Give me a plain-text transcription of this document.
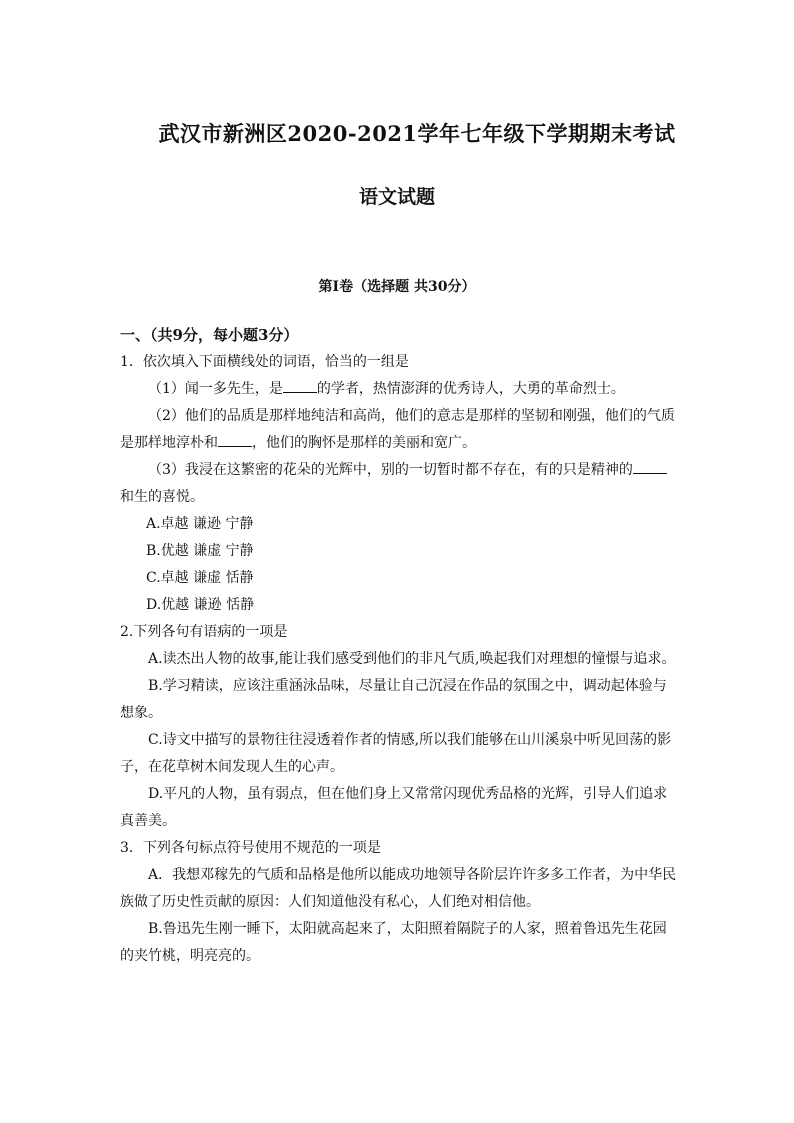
武汉市新洲区2020-2021学年七年级下学期期末考试
语文试题
第Ⅰ卷（选择题 共30分）
一、（共9分，每小题3分）
1．依次填入下面横线处的词语，恰当的一组是
（1）闻一多先生，是 的学者，热情澎湃的优秀诗人，大勇的革命烈士。
（2）他们的品质是那样地纯洁和高尚，他们的意志是那样的坚韧和刚强，他们的气质是那样地淳朴和 ，他们的胸怀是那样的美丽和宽广。
（3）我浸在这繁密的花朵的光辉中，别的一切暂时都不存在，有的只是精神的和生的喜悦。
A.卓越 谦逊 宁静
B.优越 谦虚 宁静
C.卓越 谦虚 恬静
D.优越 谦逊 恬静
2.下列各句有语病的一项是
A.读杰出人物的故事,能让我们感受到他们的非凡气质,唤起我们对理想的憧憬与追求。
B.学习精读，应该注重涵泳品味，尽量让自己沉浸在作品的氛围之中，调动起体验与想象。
C.诗文中描写的景物往往浸透着作者的情感,所以我们能够在山川溪泉中听见回荡的影子，在花草树木间发现人生的心声。
D.平凡的人物，虽有弱点，但在他们身上又常常闪现优秀品格的光辉，引导人们追求真善美。
3．下列各句标点符号使用不规范的一项是
A．我想邓稼先的气质和品格是他所以能成功地领导各阶层许许多多工作者，为中华民族做了历史性贡献的原因：人们知道他没有私心，人们绝对相信他。
B.鲁迅先生刚一睡下，太阳就高起来了，太阳照着隔院子的人家，照着鲁迅先生花园的夹竹桃，明亮亮的。
